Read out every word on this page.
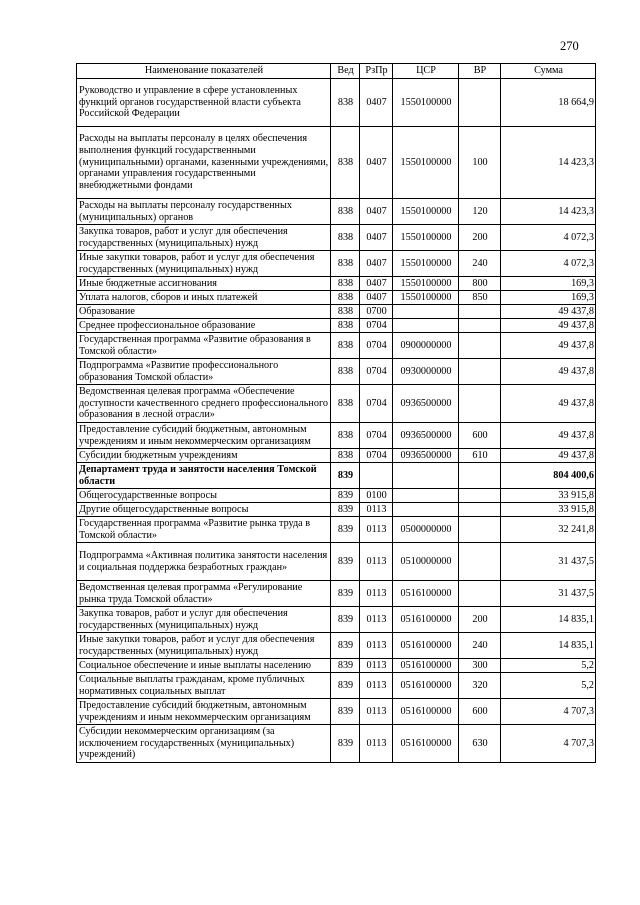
270
Наименование показателей	Вед	РзПр	ЦСР	ВР	Сумма
Руководство и управление в сфере установленных функций органов государственной власти субъекта Российской Федерации	838	0407	1550100000		18 664,9
Расходы на выплаты персоналу в целях обеспечения выполнения функций государственными (муниципальными) органами, казенными учреждениями, органами управления государственными внебюджетными фондами	838	0407	1550100000	100	14 423,3
Расходы на выплаты персоналу государственных (муниципальных) органов	838	0407	1550100000	120	14 423,3
Закупка товаров, работ и услуг для обеспечения государственных (муниципальных) нужд	838	0407	1550100000	200	4 072,3
Иные закупки товаров, работ и услуг для обеспечения государственных (муниципальных) нужд	838	0407	1550100000	240	4 072,3
Иные бюджетные ассигнования	838	0407	1550100000	800	169,3
Уплата налогов, сборов и иных платежей	838	0407	1550100000	850	169,3
Образование	838	0700			49 437,8
Среднее профессиональное образование	838	0704			49 437,8
Государственная программа «Развитие образования в Томской области»	838	0704	0900000000		49 437,8
Подпрограмма «Развитие профессионального образования Томской области»	838	0704	0930000000		49 437,8
Ведомственная целевая программа «Обеспечение доступности качественного среднего профессионального образования в лесной отрасли»	838	0704	0936500000		49 437,8
Предоставление субсидий бюджетным, автономным учреждениям и иным некоммерческим организациям	838	0704	0936500000	600	49 437,8
Субсидии бюджетным учреждениям	838	0704	0936500000	610	49 437,8
Департамент труда и занятости населения Томской области	839				804 400,6
Общегосударственные вопросы	839	0100			33 915,8
Другие общегосударственные вопросы	839	0113			33 915,8
Государственная программа «Развитие рынка труда в Томской области»	839	0113	0500000000		32 241,8
Подпрограмма «Активная политика занятости населения и социальная поддержка безработных граждан»	839	0113	0510000000		31 437,5
Ведомственная целевая программа «Регулирование рынка труда Томской области»	839	0113	0516100000		31 437,5
Закупка товаров, работ и услуг для обеспечения государственных (муниципальных) нужд	839	0113	0516100000	200	14 835,1
Иные закупки товаров, работ и услуг для обеспечения государственных (муниципальных) нужд	839	0113	0516100000	240	14 835,1
Социальное обеспечение и иные выплаты населению	839	0113	0516100000	300	5,2
Социальные выплаты гражданам, кроме публичных нормативных социальных выплат	839	0113	0516100000	320	5,2
Предоставление субсидий бюджетным, автономным учреждениям и иным некоммерческим организациям	839	0113	0516100000	600	4 707,3
Субсидии некоммерческим организациям (за исключением государственных (муниципальных) учреждений)	839	0113	0516100000	630	4 707,3
